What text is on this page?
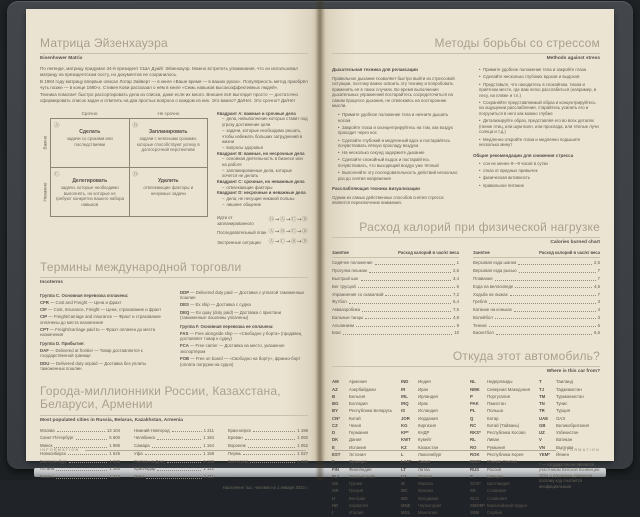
Матрица Эйзенхауэра
Eisenhower Matrix

По легенде, матрицу придумал 34-й президент США Дуайт Эйзенхауэр. Можно встретить упоминания, что он использовал матрицу на президентском посту, но документов не сохранилось.

В 1984 году матрицу впервые описал Лотар Зайверт — в книге «Ваше время — в ваших руках». Популярность метод приобрёл чуть позже — в конце 1980-х. Стивен Кови рассказал о нём в книге «Семь навыков высокоэффективных людей».

Техника помогает быстро рассортировать дела из списка, даже если их много. Внешне всё выглядит просто — достаточно сформировать список задач и ответить на два простых вопроса о каждом из них. Это важно? Да/Нет. Это срочно? Да/Нет

Срочно	Не срочно
Важно
Неважно
Ⓐ
Сделать
задачи со сроками или последствиями
Ⓑ
Запланировать
задачи с неясными сроками, которые способствуют успеху в долгосрочной перспективе
Ⓒ
Делегировать
задачи, которые необходимо выполнять, но которые не требуют конкретно вашего набора навыков
Ⓓ
Удалить
отвлекающие факторы и ненужные задачи
Квадрант А: важные и срочные дела
– дела, невыполнение которых ставит под угрозу достижение цели
– задачи, которые необходимо решать, чтобы избежать больших затруднений в жизни
– вопросы здоровья
Квадрант B: важные, но несрочные дела
– основная деятельность в бизнесе или на работе
– запланированные дела, которые хочется не делать
Квадрант C: срочные, но неважные дела
– отвлекающие факторы
Квадрант D: несрочные и неважные дела
– дела, не несущие никакой пользы
– лишнее общение
Идти от запланированного
Ⓑ→Ⓐ→Ⓒ→Ⓓ
Последовательный план Ⓐ→Ⓑ→Ⓒ→Ⓓ
Экстренные ситуации Ⓐ→Ⓒ→Ⓑ→Ⓓ
Термины международной торговли
Incoterms
Группа C. Основная перевозка оплачена:
CFR — Cost and Freight — Цена и фрахт
CIF — Cost, Insurance, Freight — Цена, страхование и фрахт
CIP — Freight/carriage and insurance — Фрахт и страхование оплачены до места назначения
CPT — Freight/carriage paid to — Фрахт оплачен до места назначения
Группа D. Прибытие:
DAF — Delivered at frontier — Товар доставляется к государственной границе
DDU — Delivered duty unpaid — Доставка без уплаты таможенных пошлин
DDP — Delivered duty paid — Доставка с уплатой таможенных пошлин
DES — Ex ship — Доставка с судна
DEQ — Ex quay (duty paid) — Доставка с пристани (таможенные пошлины уплачены)
Группа F. Основная перевозка не оплачена:
FAS — Free alongside ship — «Свободно у борта» (продавец доставляет товар к судну)
FCA — Free carrier — Доставка на место, указанное экспортёром
FOB — Free on board — «Свободно на борту», франко-борт (оплата погрузки на судно)
Города-миллионники России, Казахстана, Беларуси, Армении
Most populated cities in Russia, Belarus, Kazakhstan, Armenia
Москва	13 104
Санкт-Петербург	5 600
Минск	1 995
Новосибирск	1 625
Екатеринбург	1 539
Астана	1 354
Казань	1 315
Нижний Новгород	1 211
Челябинск	1 184
Самара	1 164
Уфа	1 158
Ростов-на-Дону	1 135
Краснодар	1 121
Омск	1 111
Красноярск	1 196
Ереван	1 092
Воронеж	1 052
Пермь	1 027
Волгоград	1 025
Население тыс. человек на 1 января 2023 г.
INFORMATION
Методы борьбы со стрессом
Methods against stress
Дыхательная техника для релаксации

Правильное дыхание позволяет быстро выйти из стрессовой ситуации, поэтому важно освоить эту технику и попробовать применять её в таких случаях. Во время выполнения дыхательных упражнений постарайтесь сосредоточиться на самом процессе дыхания, не отвлекаясь на посторонние мысли.

• Примите удобное положение тела и начните дышать носом
• Закройте глаза и сконцентрируйтесь на том, как воздух проходит через нос
• Сделайте глубокий и медленный вдох и постарайтесь почувствовать лёгкую прохладу воздуха
• На несколько секунд задержите дыхание
• Сделайте спокойный выдох и постарайтесь почувствовать, что выходящий воздух уже тёплый
• Выполняйте эту последовательность действий несколько раз до снятия напряжения
Расслабляющая техника визуализации

Одним из самых действенных способов снятия стресса является переключение внимания.

• Примите удобное положение тела и закройте глаза
• Сделайте несколько глубоких вдохов и выдохов
• Представьте, что находитесь в спокойном, тихом и приятном месте, где вам легко расслабиться (например, в лесу, на пляже и т.п.)
• Сохраняйте представляемый образ и концентрируйтесь на ощущении расслабления, старайтесь усилить его и погрузиться в него как можно глубже
• Детализируйте образ, представляя его во всех деталях (пение птиц, или шум волн, или прохлада, или тёплые лучи солнца и т.д.)
• Медленно откройте глаза и медленно подышите несколько минут
Общие рекомендации для снижения стресса
• сон не менее 8—9 часов в сутки
• отказ от вредных привычек
• физическая активность
• правильное питание
Расход калорий при физической нагрузке
Calories burned chart
Занятие	Расход калорий в час/кг веса
Сидячее положение	1
Прогулка пешком	2,6
Быстрый шаг	3,4
Бег трусцой	6
Упражнения со скакалкой	7,2
Футбол	6,4
Аквааэробика	7,5
Бальные танцы	4,8
Альпинизм	9
Бокс	10
Занятие	Расход калорий в час/кг веса
Верховая езда шагом	2,5
Верховая езда рысью	7
Плавание	7
Езда на велосипеде	4,5
Ходьба на лыжах	7
Гребля	3
Катание на коньках	4
Волейбол	3
Теннис	6
Баскетбол	6,5
Откуда этот автомобиль?
Where is this car from?
AM	Армения
AZ	Азербайджан
B	Бельгия
BG	Болгария
BY	Республика Беларусь
CN*	Китай
CZ	Чехия
D	Германия
DK	Дания
E	Испания
EST	Эстония
F	Франция
FIN	Финляндия
FL*	Лихтенштейн
GE	Грузия
GR	Греция
H	Венгрия
HR	Хорватия
I	Италия
IND	Индия
IR	Иран
IRL	Ирландия
IRQ	Ирак
IS	Исландия
JOR	Иордания
KG	Киргизия
KP*	КНДР
KWT	Кувейт
KZ	Казахстан
L	Люксембург
LAR*	Ливия
LT	Литва
LV	Латвия
M	Мальта
MC	Монако
MD	Молдавия
MNE	Черногория
MGL	Монголия
NL	Нидерланды
NMK	Северная Македония
P	Португалия
PAK	Пакистан
PL	Польша
Q	Катар
RC	Китай (Тайвань)
RKS*	Республика Косово
RL	Ливан
RO	Румыния
ROK	Республика Корея
RSO*	Южная Осетия
RUS	Россия
S	Швеция
SCO*	Шотландия
SK	Словакия
SLO	Словения
SMOM* Мальтийский Орден
SRB	Сербия
T	Таиланд
TJ	Таджикистан
TM	Туркменистан
TN	Тунис
TR	Турция
UAE	ОАЭ
GB	Великобритания
UZ	Узбекистан
V	Ватикан
VN	Вьетнам
YEM*	Йемен
* — государство не является участником Венской Конвенции ООН о дорожном движении, поэтому код считается неофициальным
INFORMATION
